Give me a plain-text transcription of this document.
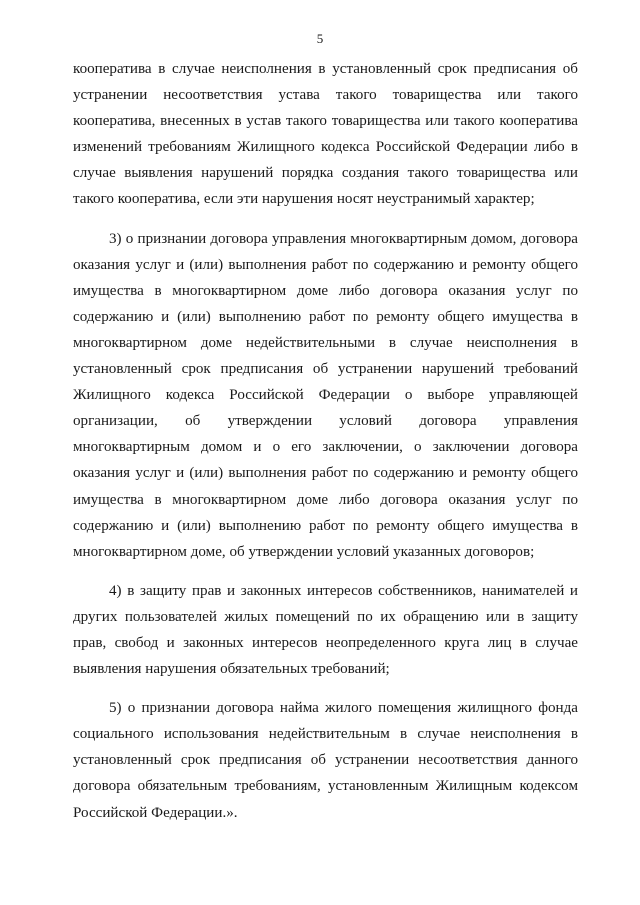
5

кооператива в случае неисполнения в установленный срок предписания об устранении несоответствия устава такого товарищества или такого кооператива, внесенных в устав такого товарищества или такого кооператива изменений требованиям Жилищного кодекса Российской Федерации либо в случае выявления нарушений порядка создания такого товарищества или такого кооператива, если эти нарушения носят неустранимый характер;

3) о признании договора управления многоквартирным домом, договора оказания услуг и (или) выполнения работ по содержанию и ремонту общего имущества в многоквартирном доме либо договора оказания услуг по содержанию и (или) выполнению работ по ремонту общего имущества в многоквартирном доме недействительными в случае неисполнения в установленный срок предписания об устранении нарушений требований Жилищного кодекса Российской Федерации о выборе управляющей организации, об утверждении условий договора управления многоквартирным домом и о его заключении, о заключении договора оказания услуг и (или) выполнения работ по содержанию и ремонту общего имущества в многоквартирном доме либо договора оказания услуг по содержанию и (или) выполнению работ по ремонту общего имущества в многоквартирном доме, об утверждении условий указанных договоров;

4) в защиту прав и законных интересов собственников, нанимателей и других пользователей жилых помещений по их обращению или в защиту прав, свобод и законных интересов неопределенного круга лиц в случае выявления нарушения обязательных требований;

5) о признании договора найма жилого помещения жилищного фонда социального использования недействительным в случае неисполнения в установленный срок предписания об устранении несоответствия данного договора обязательным требованиям, установленным Жилищным кодексом Российской Федерации.».
